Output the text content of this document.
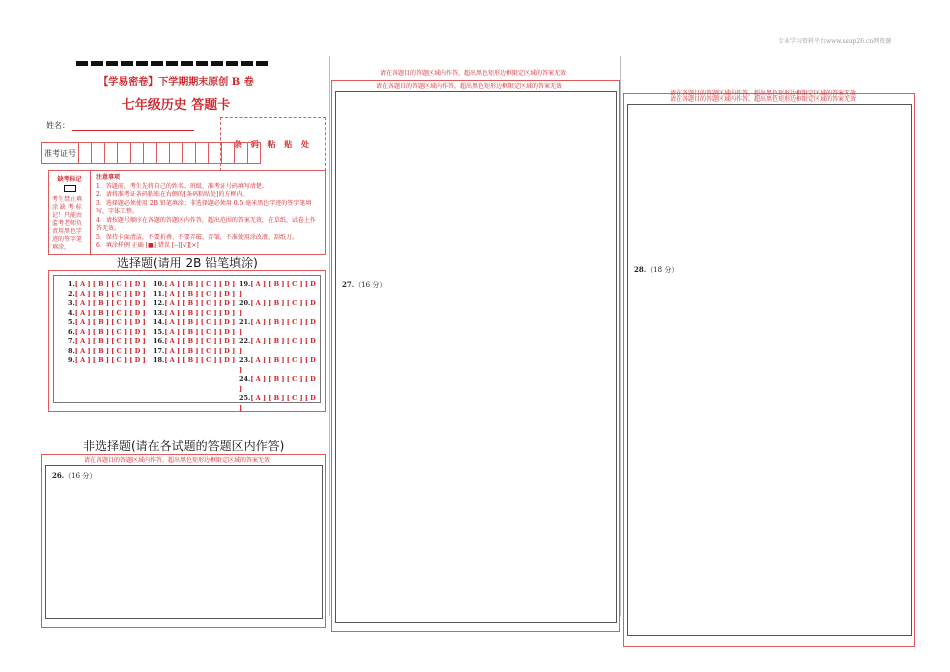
专业学习资料平台www.ssup26.cn网资源
【学易密卷】下学期期末原创 B 卷
七年级历史 答题卡
姓名：
条 码 粘 贴 处
准考证号
缺考标记
考生禁止填涂 缺 考 标记！只能由监考老师负责用黑色字迹的签字笔填涂。
注意事项
1．答题前，考生先将自己的姓名、班级、准考证号码填写清楚。
2．请将准考证条码粘贴在右侧的[条码粘贴处]的方框内。
3．选择题必须使用 2B 铅笔填涂；非选择题必须用 0.5 毫米黑色字迹的签字笔填写，字体工整。
4．请按题号顺序在各题的答题区内作答，超出范围的答案无效，在草纸、试卷上作答无效。
5．保持卡面清洁，不要折叠、不要弄破、弄皱，不准使用涂改液、刮纸刀。
6．填涂样例 正确 [■] 错误 [--][√][×]
选择题(请用 2B 铅笔填涂)
1.[ A ] [ B ] [ C ] [ D ]
2.[ A ] [ B ] [ C ] [ D ]
3.[ A ] [ B ] [ C ] [ D ]
4.[ A ] [ B ] [ C ] [ D ]
5.[ A ] [ B ] [ C ] [ D ]
6.[ A ] [ B ] [ C ] [ D ]
7.[ A ] [ B ] [ C ] [ D ]
8.[ A ] [ B ] [ C ] [ D ]
9.[ A ] [ B ] [ C ] [ D ]
10.[ A ] [ B ] [ C ] [ D ]
11.[ A ] [ B ] [ C ] [ D ]
12.[ A ] [ B ] [ C ] [ D ]
13.[ A ] [ B ] [ C ] [ D ]
14.[ A ] [ B ] [ C ] [ D ]
15.[ A ] [ B ] [ C ] [ D ]
16.[ A ] [ B ] [ C ] [ D ]
17.[ A ] [ B ] [ C ] [ D ]
18.[ A ] [ B ] [ C ] [ D ]
19.[ A ] [ B ] [ C ] [ D ]
20.[ A ] [ B ] [ C ] [ D ]
21.[ A ] [ B ] [ C ] [ D ]
22.[ A ] [ B ] [ C ] [ D ]
23.[ A ] [ B ] [ C ] [ D ]
24.[ A ] [ B ] [ C ] [ D ]
25.[ A ] [ B ] [ C ] [ D ]
非选择题(请在各试题的答题区内作答)
请在各题目的答题区域内作答，超出黑色矩形边框限定区域的答案无效
26.（16 分）
请在各题目的答题区域内作答，超出黑色矩形边框限定区域的答案无效
请在各题目的答题区域内作答，超出黑色矩形边框限定区域的答案无效
27.（16 分）
请在各题目的答题区域内作答，超出黑色矩形边框限定区域的答案无效
请在各题目的答题区域内作答，超出黑色矩形边框限定区域的答案无效
28.（18 分）
